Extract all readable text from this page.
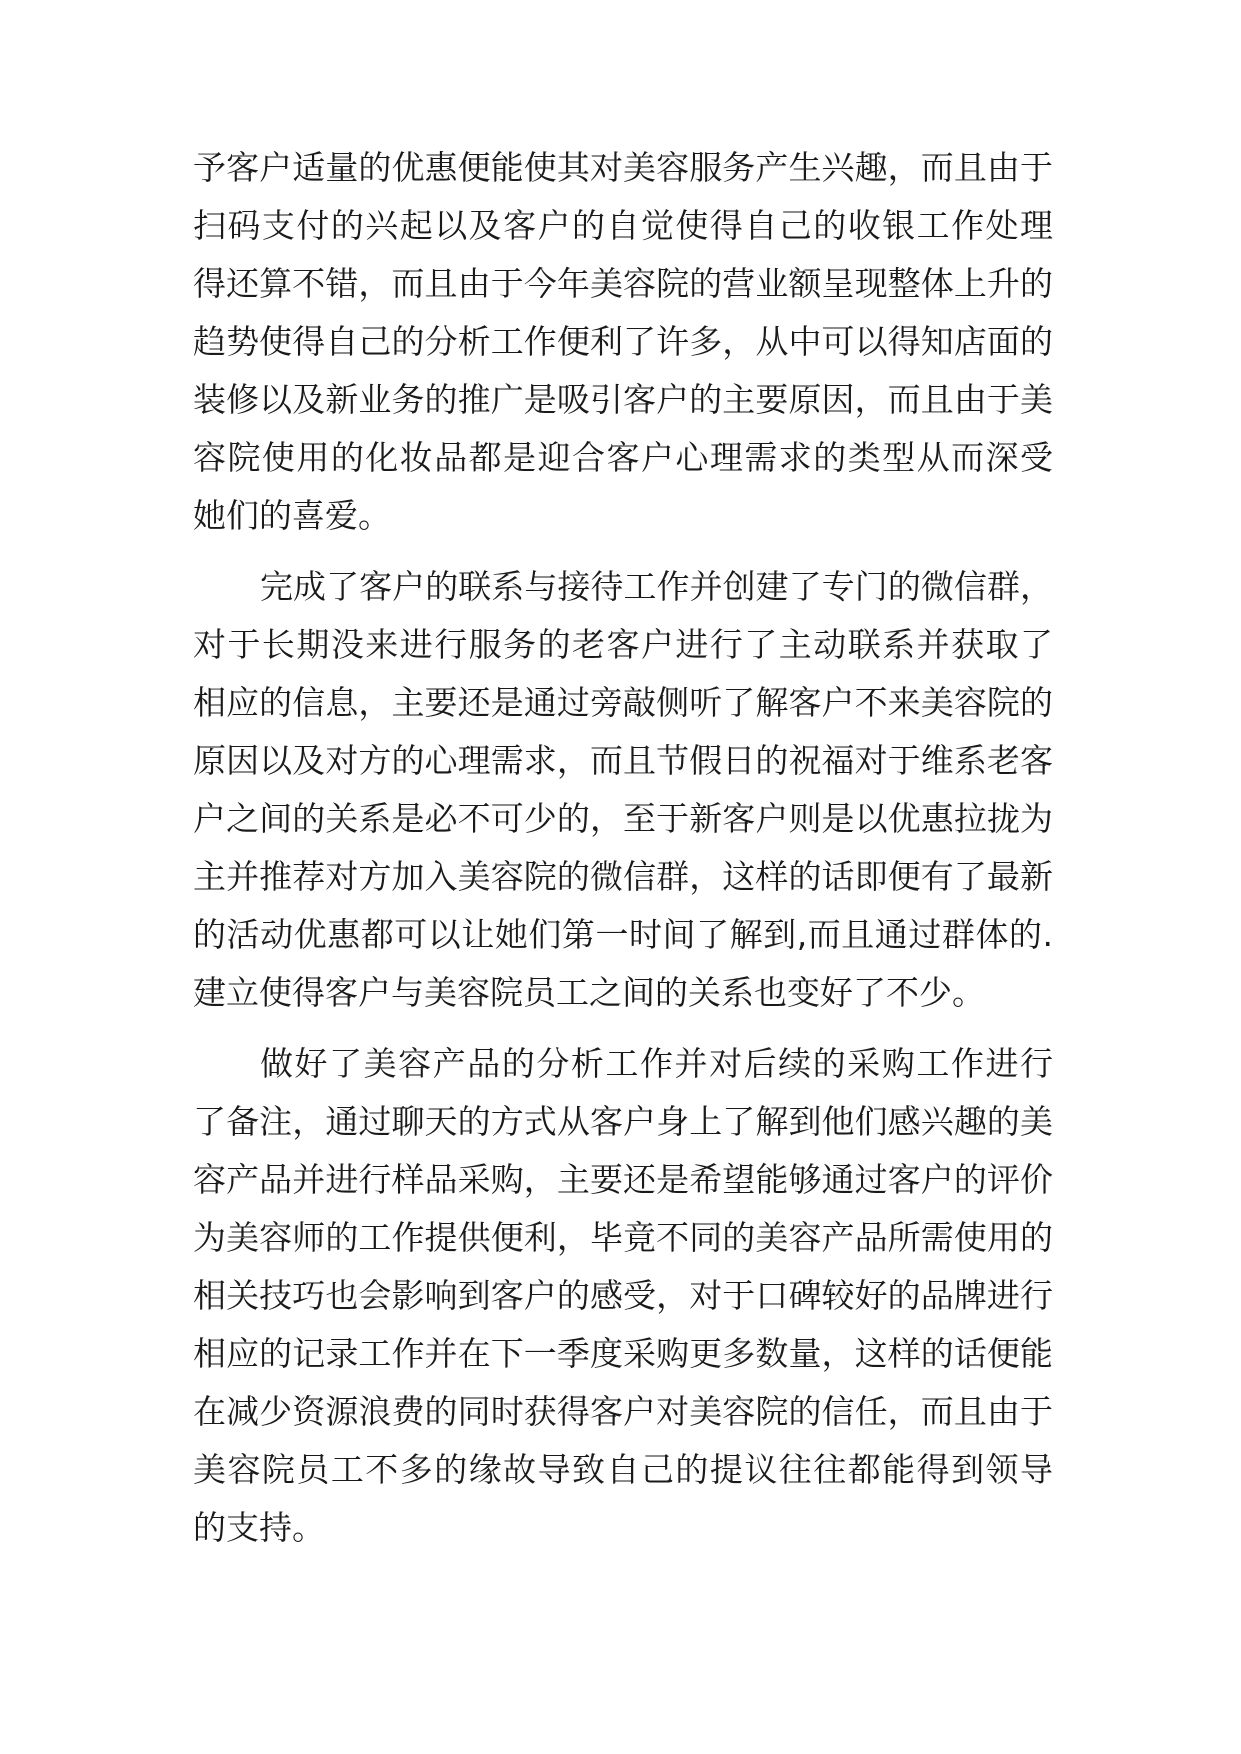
予客户适量的优惠便能使其对美容服务产生兴趣，而且由于
扫码支付的兴起以及客户的自觉使得自己的收银工作处理
得还算不错，而且由于今年美容院的营业额呈现整体上升的
趋势使得自己的分析工作便利了许多，从中可以得知店面的
装修以及新业务的推广是吸引客户的主要原因，而且由于美
容院使用的化妆品都是迎合客户心理需求的类型从而深受
她们的喜爱。
完成了客户的联系与接待工作并创建了专门的微信群，
对于长期没来进行服务的老客户进行了主动联系并获取了
相应的信息，主要还是通过旁敲侧听了解客户不来美容院的
原因以及对方的心理需求，而且节假日的祝福对于维系老客
户之间的关系是必不可少的，至于新客户则是以优惠拉拢为
主并推荐对方加入美容院的微信群，这样的话即便有了最新
的活动优惠都可以让她们第一时间了解到,而且通过群体的.
建立使得客户与美容院员工之间的关系也变好了不少。
做好了美容产品的分析工作并对后续的采购工作进行
了备注，通过聊天的方式从客户身上了解到他们感兴趣的美
容产品并进行样品采购，主要还是希望能够通过客户的评价
为美容师的工作提供便利，毕竟不同的美容产品所需使用的
相关技巧也会影响到客户的感受，对于口碑较好的品牌进行
相应的记录工作并在下一季度采购更多数量，这样的话便能
在减少资源浪费的同时获得客户对美容院的信任，而且由于
美容院员工不多的缘故导致自己的提议往往都能得到领导
的支持。
